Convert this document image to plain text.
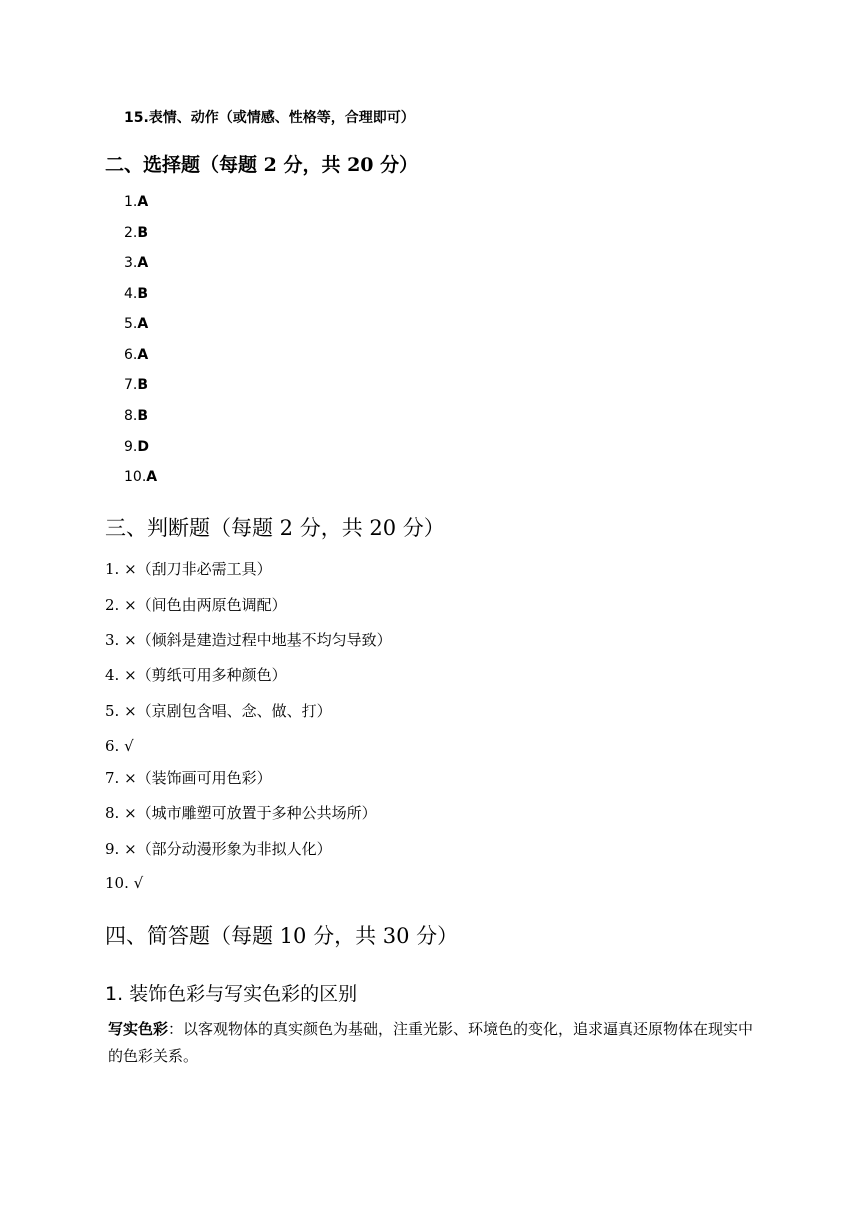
15.表情、动作（或情感、性格等，合理即可）
二、选择题（每题 2 分，共 20 分）
1.A
2.B
3.A
4.B
5.A
6.A
7.B
8.B
9.D
10.A
三、判断题（每题 2 分，共 20 分）
1. ×（刮刀非必需工具）
2. ×（间色由两原色调配）
3. ×（倾斜是建造过程中地基不均匀导致）
4. ×（剪纸可用多种颜色）
5. ×（京剧包含唱、念、做、打）
6. √
7. ×（装饰画可用色彩）
8. ×（城市雕塑可放置于多种公共场所）
9. ×（部分动漫形象为非拟人化）
10. √
四、简答题（每题 10 分，共 30 分）
1. 装饰色彩与写实色彩的区别
写实色彩：以客观物体的真实颜色为基础，注重光影、环境色的变化，追求逼真还原物体在现实中的色彩关系。
